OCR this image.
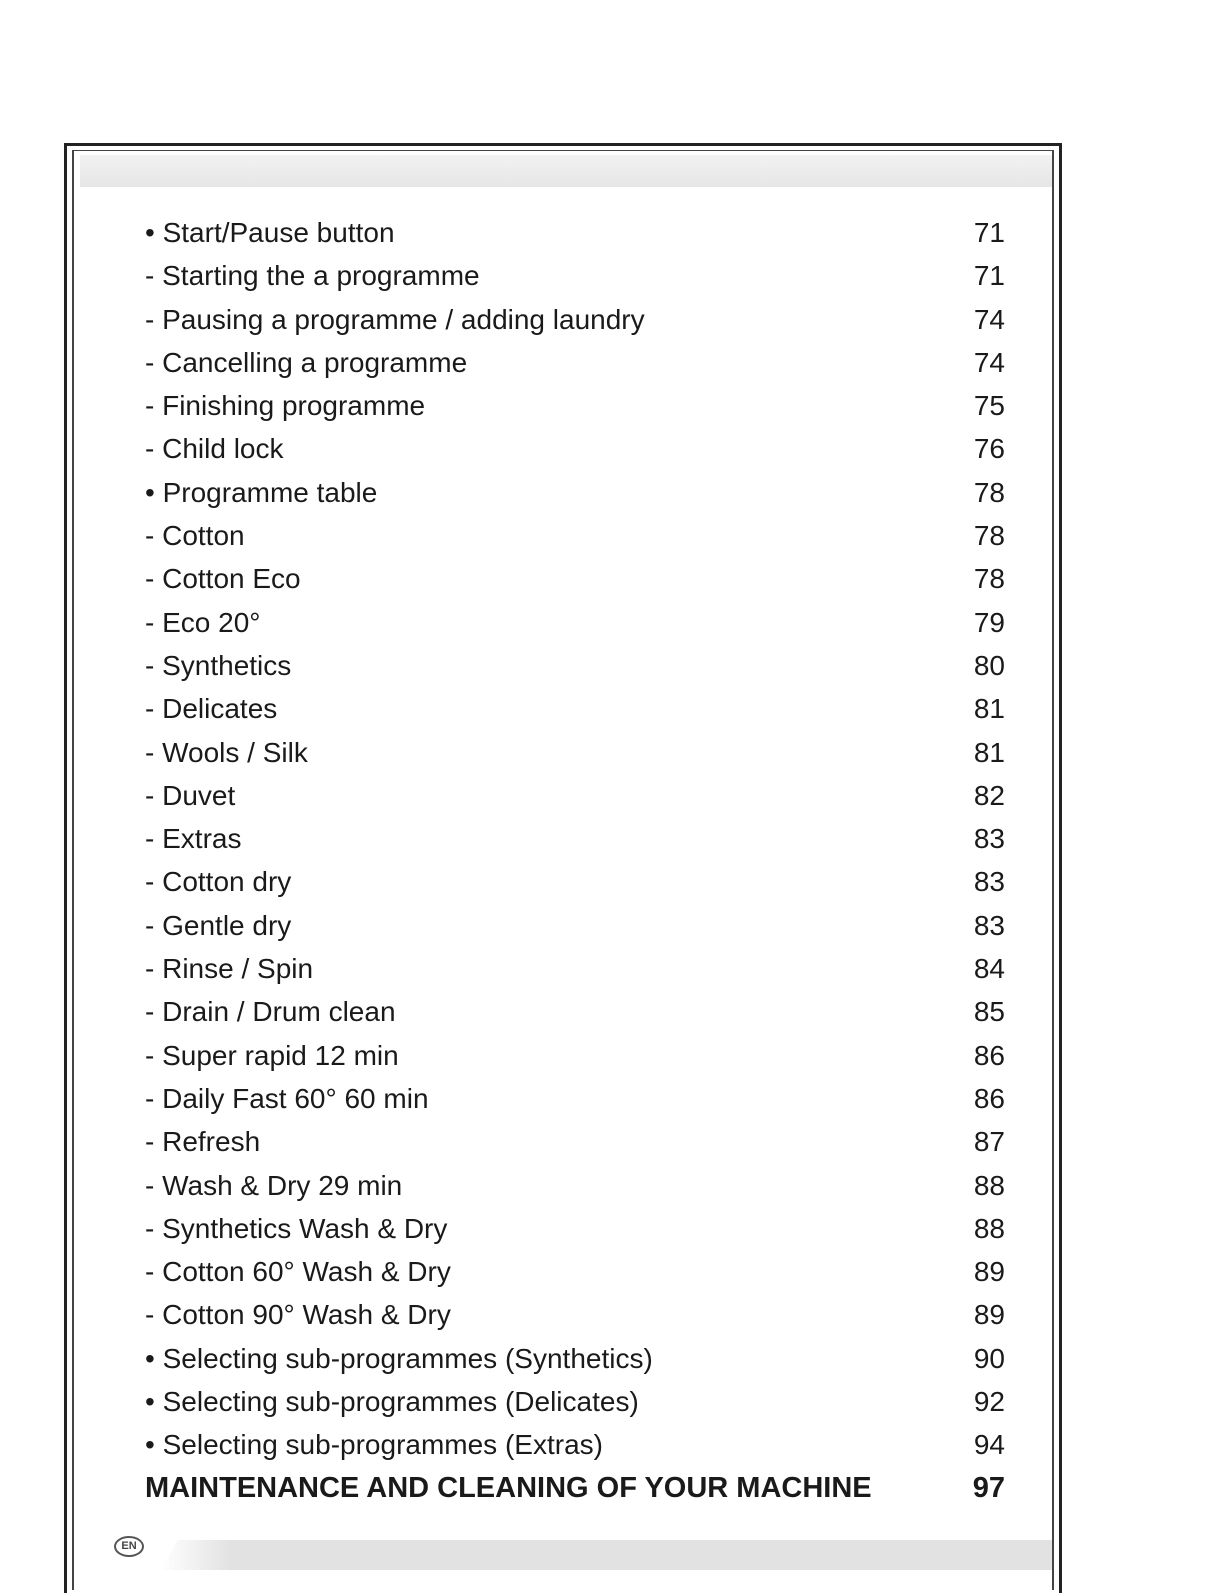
• Start/Pause button	71
- Starting the a programme	71
- Pausing a programme / adding laundry	74
- Cancelling a programme	74
- Finishing programme	75
- Child lock	76
• Programme table	78
- Cotton	78
- Cotton Eco	78
- Eco 20°	79
- Synthetics	80
- Delicates	81
- Wools / Silk	81
- Duvet	82
- Extras	83
- Cotton dry	83
- Gentle dry	83
- Rinse / Spin	84
- Drain / Drum clean	85
- Super rapid 12 min	86
- Daily Fast 60° 60 min	86
- Refresh	87
- Wash & Dry 29 min	88
- Synthetics Wash & Dry	88
- Cotton 60° Wash & Dry	89
- Cotton 90° Wash & Dry	89
• Selecting sub-programmes (Synthetics)	90
• Selecting sub-programmes (Delicates)	92
• Selecting sub-programmes (Extras)	94
MAINTENANCE AND CLEANING OF YOUR MACHINE	97
EN
